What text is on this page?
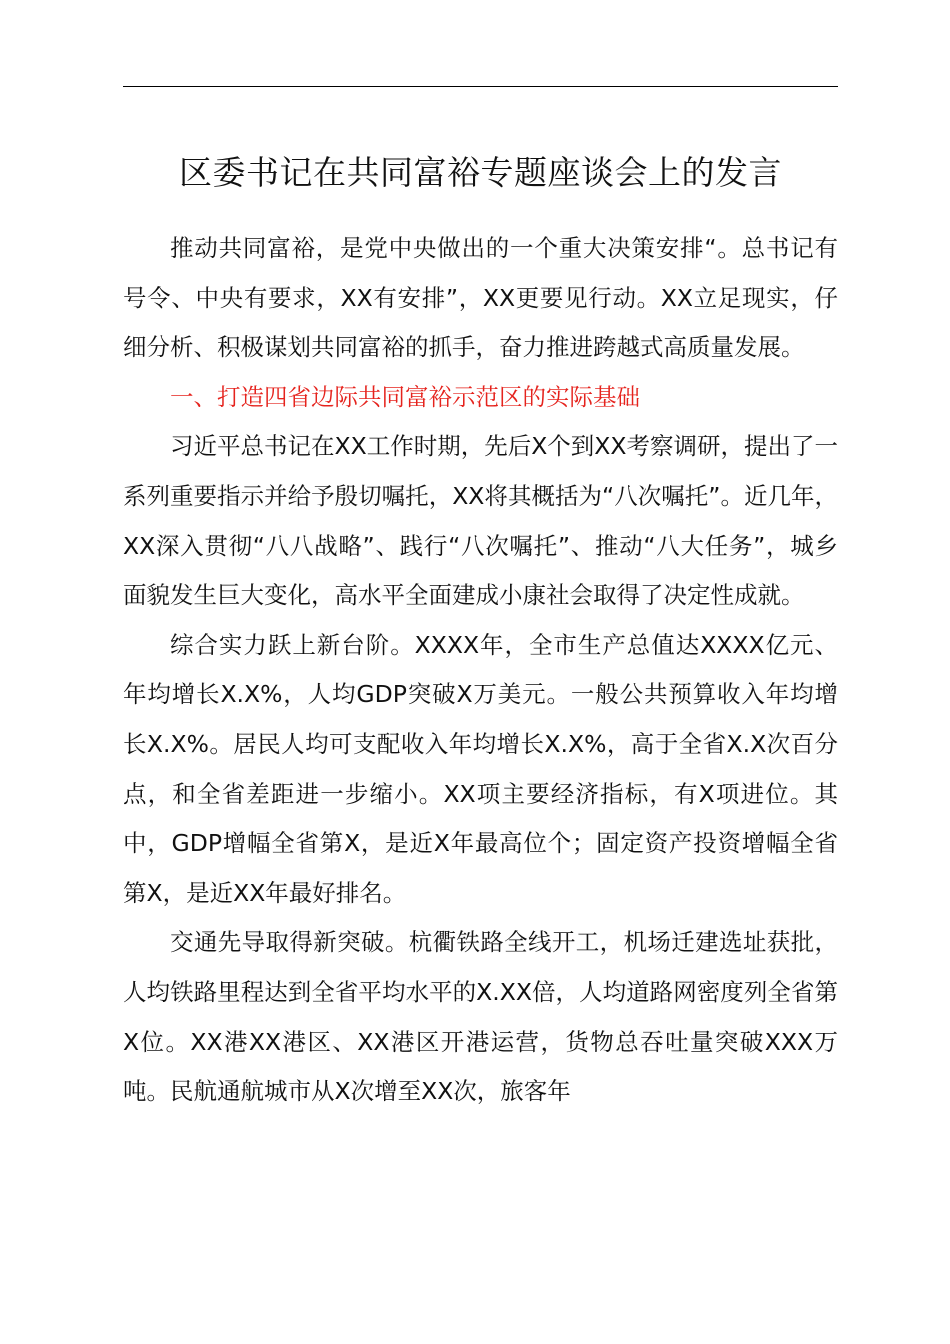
区委书记在共同富裕专题座谈会上的发言

推动共同富裕，是党中央做出的一个重大决策安排“。总书记有号令、中央有要求，XX有安排”，XX更要见行动。XX立足现实，仔细分析、积极谋划共同富裕的抓手，奋力推进跨越式高质量发展。

一、打造四省边际共同富裕示范区的实际基础

习近平总书记在XX工作时期，先后X个到XX考察调研，提出了一系列重要指示并给予殷切嘱托，XX将其概括为“八次嘱托”。近几年，XX深入贯彻“八八战略”、践行“八次嘱托”、推动“八大任务”，城乡面貌发生巨大变化，高水平全面建成小康社会取得了决定性成就。

综合实力跃上新台阶。XXXX年，全市生产总值达XXXX亿元、年均增长X.X%，人均GDP突破X万美元。一般公共预算收入年均增长X.X%。居民人均可支配收入年均增长X.X%，高于全省X.X次百分点，和全省差距进一步缩小。XX项主要经济指标，有X项进位。其中，GDP增幅全省第X，是近X年最高位个；固定资产投资增幅全省第X，是近XX年最好排名。

交通先导取得新突破。杭衢铁路全线开工，机场迁建选址获批，人均铁路里程达到全省平均水平的X.XX倍，人均道路网密度列全省第X位。XX港XX港区、XX港区开港运营，货物总吞吐量突破XXX万吨。民航通航城市从X次增至XX次，旅客年
